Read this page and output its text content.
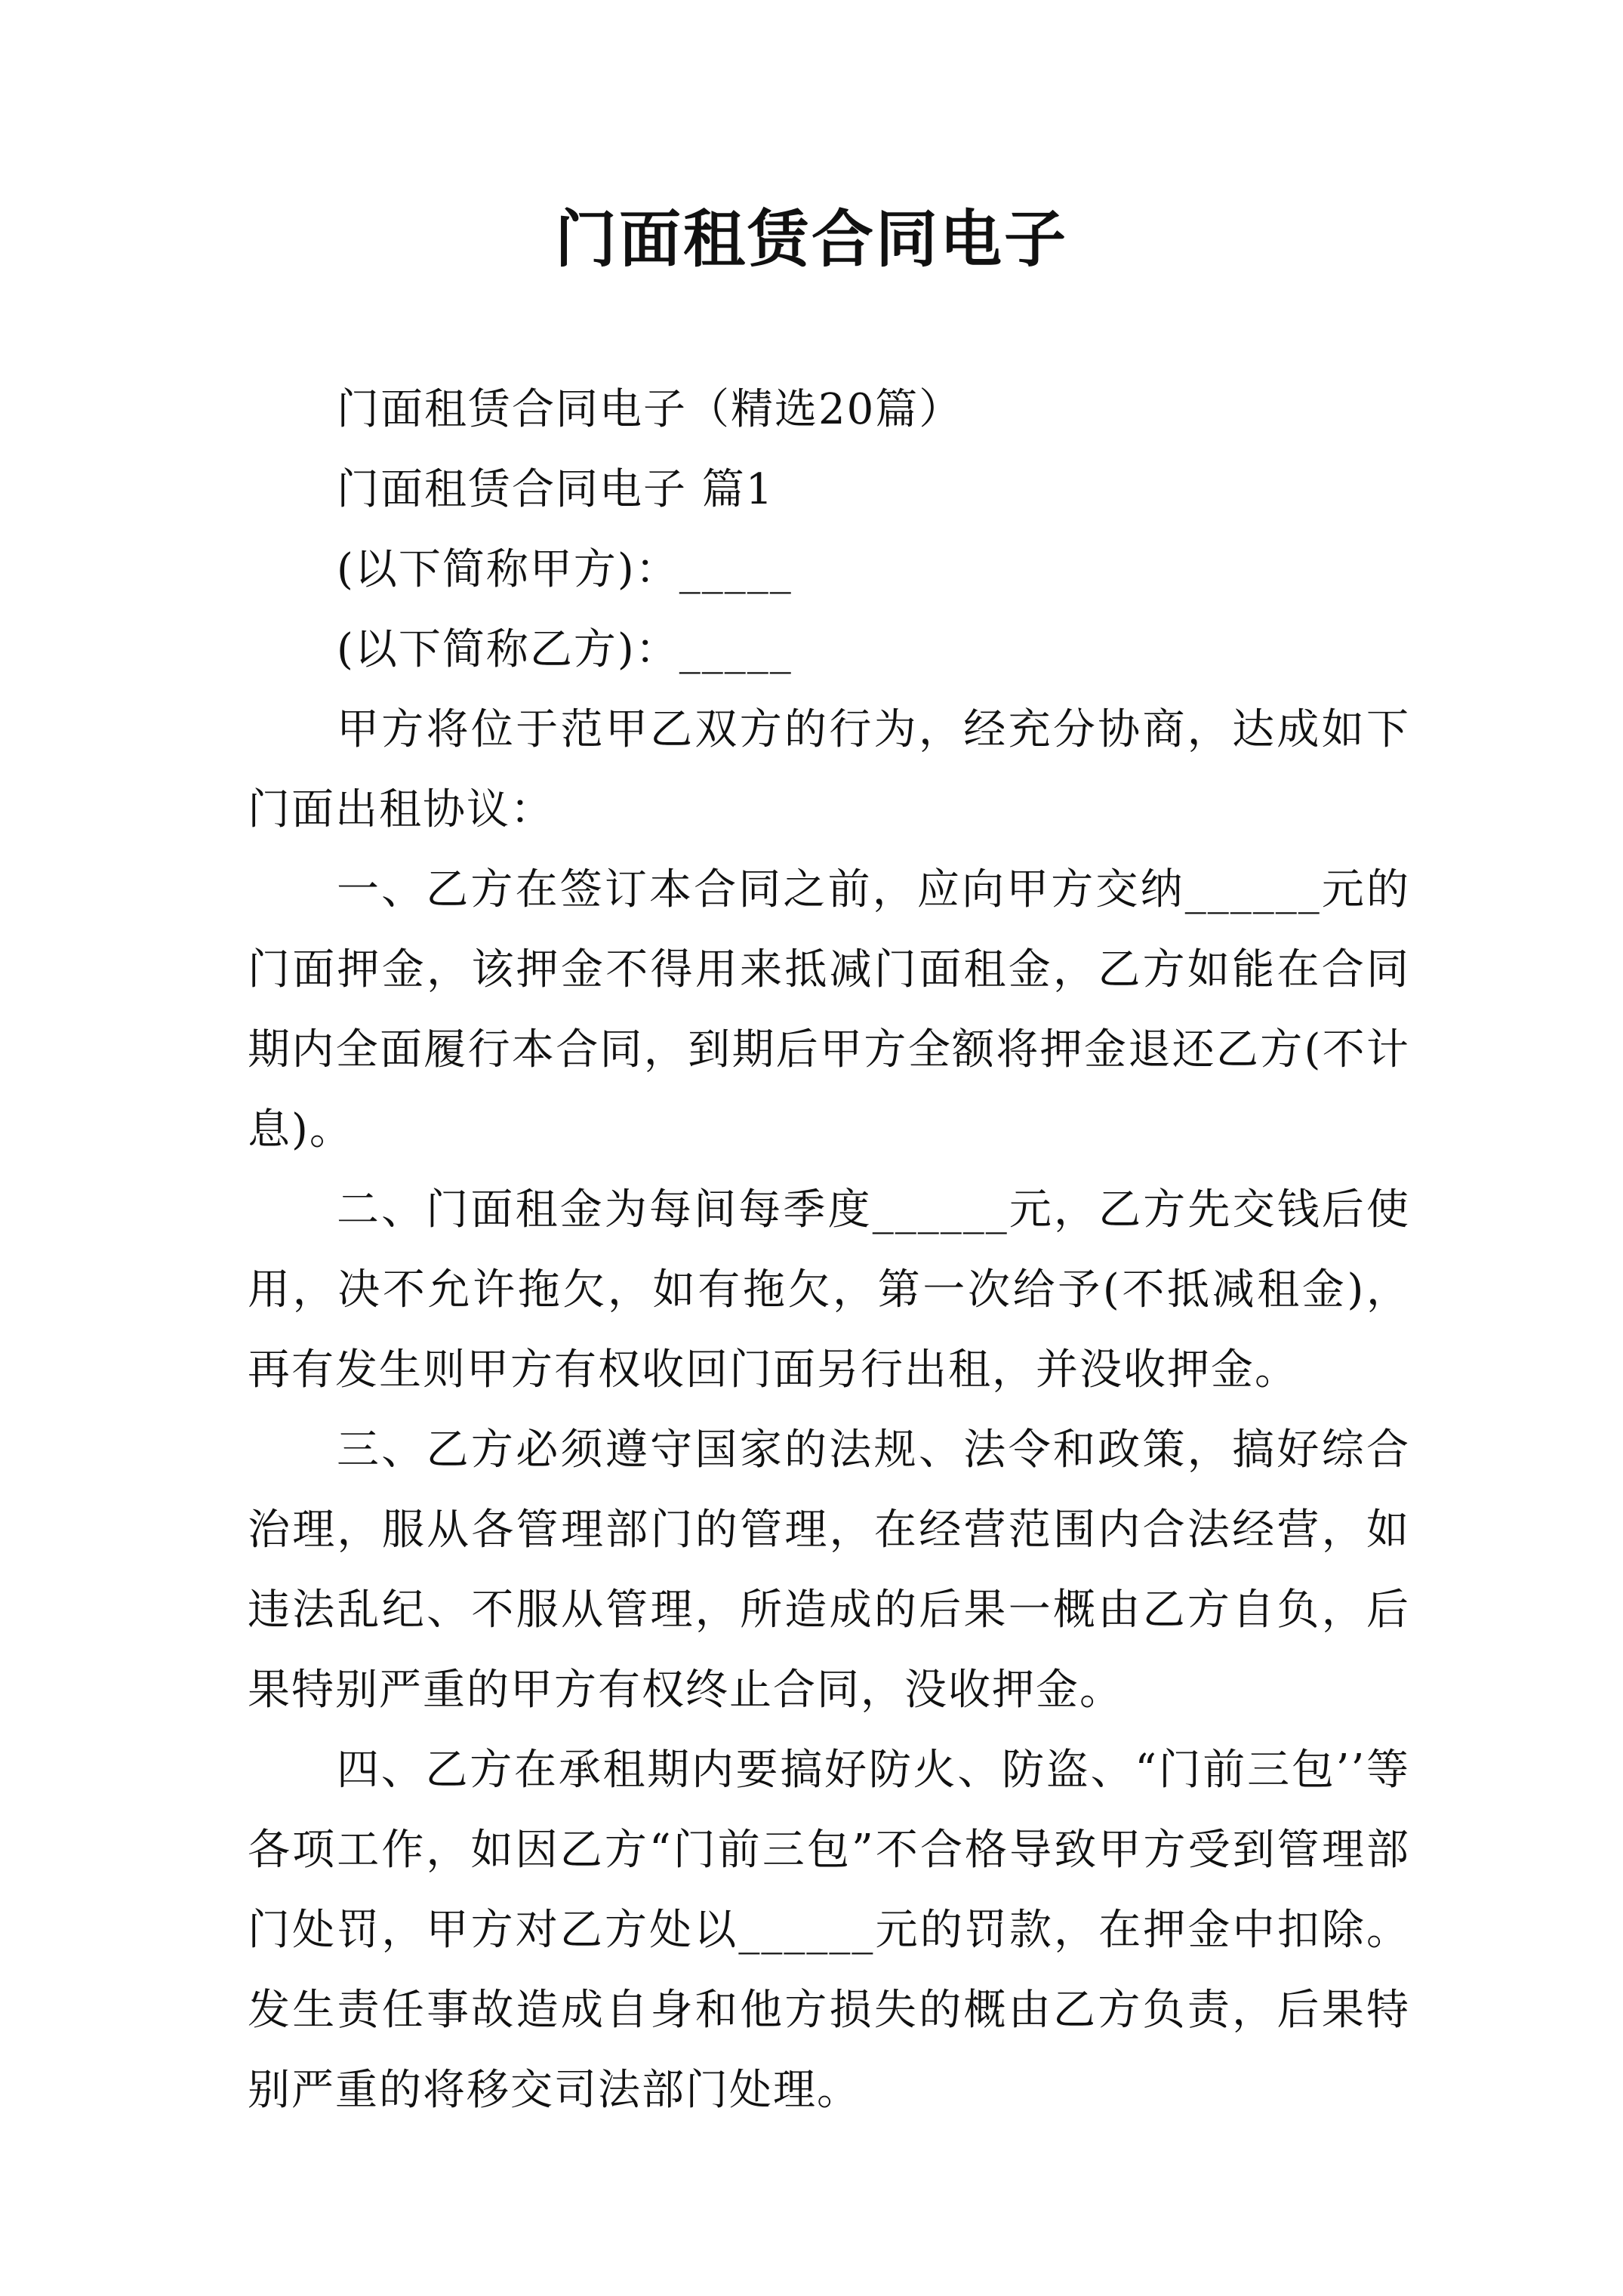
门面租赁合同电子

门面租赁合同电子（精选20篇）

门面租赁合同电子 篇1

(以下简称甲方)：_____

(以下简称乙方)：_____

甲方将位于范甲乙双方的行为，经充分协商，达成如下门面出租协议：

一、乙方在签订本合同之前，应向甲方交纳______元的门面押金，该押金不得用来抵减门面租金，乙方如能在合同期内全面履行本合同，到期后甲方全额将押金退还乙方(不计息)。

二、门面租金为每间每季度______元，乙方先交钱后使用，决不允许拖欠，如有拖欠，第一次给予(不抵减租金)，再有发生则甲方有权收回门面另行出租，并没收押金。

三、乙方必须遵守国家的法规、法令和政策，搞好综合治理，服从各管理部门的管理，在经营范围内合法经营，如违法乱纪、不服从管理，所造成的后果一概由乙方自负，后果特别严重的甲方有权终止合同，没收押金。

四、乙方在承租期内要搞好防火、防盗、“门前三包’’等各项工作，如因乙方“门前三包”不合格导致甲方受到管理部门处罚，甲方对乙方处以______元的罚款，在押金中扣除。发生责任事故造成自身和他方损失的概由乙方负责，后果特别严重的将移交司法部门处理。
